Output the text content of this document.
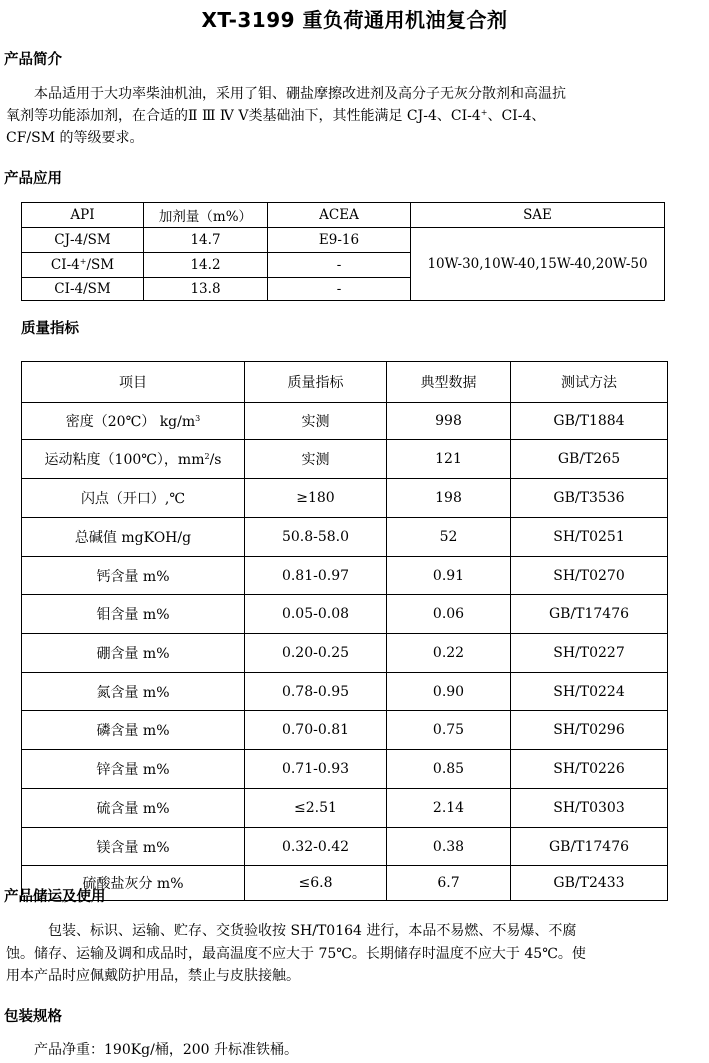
XT-3199 重负荷通用机油复合剂
产品简介
本品适用于大功率柴油机油，采用了钼、硼盐摩擦改进剂及高分子无灰分散剂和高温抗
氧剂等功能添加剂，在合适的Ⅱ Ⅲ Ⅳ Ⅴ类基础油下，其性能满足 CJ-4、CI-4+、CI-4、
CF/SM 的等级要求。
产品应用
API	加剂量（m%）	ACEA	SAE
CJ-4/SM	14.7	E9-16	10W-30,10W-40,15W-40,20W-50
CI-4+/SM	14.2	-	
CI-4/SM	13.8	-	
质量指标
项目	质量指标	典型数据	测试方法
密度（20℃） $kg/m^3$	实测	998	GB/T1884
运动粘度（100℃），$mm^2/s$	实测	121	GB/T265
闪点（开口）,℃	≥180	198	GB/T3536
总碱值 mgKOH/g	50.8-58.0	52	SH/T0251
钙含量 m%	0.81-0.97	0.91	SH/T0270
钼含量 m%	0.05-0.08	0.06	GB/T17476
硼含量 m%	0.20-0.25	0.22	SH/T0227
氮含量 m%	0.78-0.95	0.90	SH/T0224
磷含量 m%	0.70-0.81	0.75	SH/T0296
锌含量 m%	0.71-0.93	0.85	SH/T0226
硫含量 m%	≤2.51	2.14	SH/T0303
镁含量 m%	0.32-0.42	0.38	GB/T17476
硫酸盐灰分 m%	≤6.8	6.7	GB/T2433
产品储运及使用
包装、标识、运输、贮存、交货验收按 SH/T0164 进行，本品不易燃、不易爆、不腐
蚀。储存、运输及调和成品时，最高温度不应大于 75℃。长期储存时温度不应大于 45℃。使
用本产品时应佩戴防护用品，禁止与皮肤接触。
包装规格
产品净重：190Kg/桶，200 升标准铁桶。
